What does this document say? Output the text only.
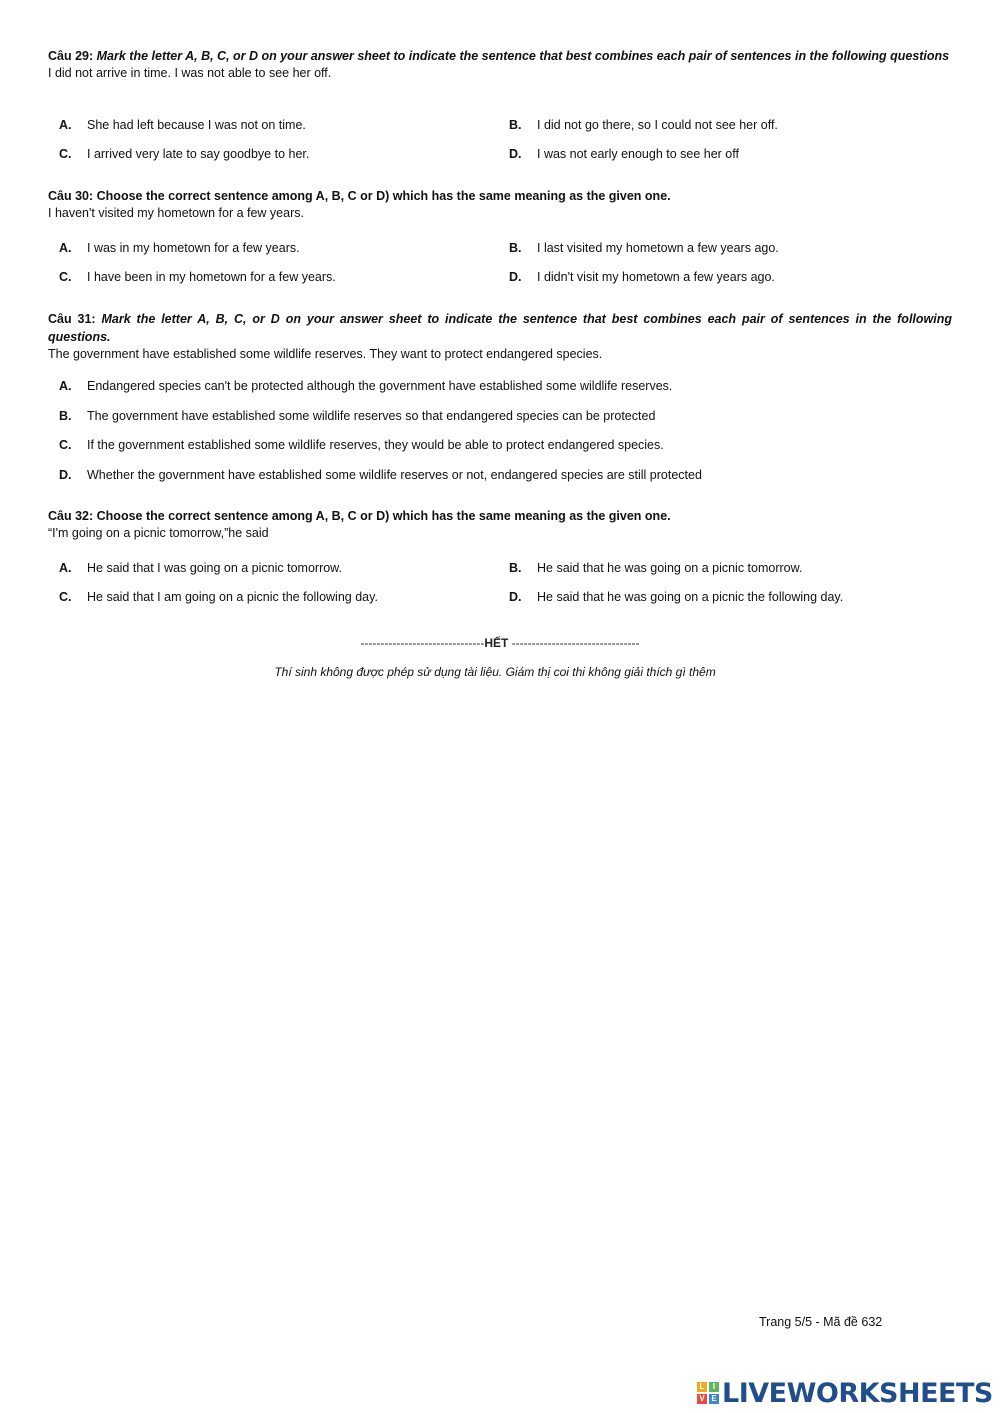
Câu 29: Mark the letter A, B, C, or D on your answer sheet to indicate the sentence that best combines each pair of sentences in the following questions
I did not arrive in time. I was not able to see her off.
A. She had left because I was not on time.	B. I did not go there, so I could not see her off.
C. I arrived very late to say goodbye to her.	D. I was not early enough to see her off
Câu 30: Choose the correct sentence among A, B, C or D) which has the same meaning as the given one.
I haven't visited my hometown for a few years.
A. I was in my hometown for a few years.	B. I last visited my hometown a few years ago.
C. I have been in my hometown for a few years.	D. I didn't visit my hometown a few years ago.
Câu 31: Mark the letter A, B, C, or D on your answer sheet to indicate the sentence that best combines each pair of sentences in the following questions.
The government have established some wildlife reserves. They want to protect endangered species.
A. Endangered species can't be protected although the government have established some wildlife reserves.
B. The government have established some wildlife reserves so that endangered species can be protected
C. If the government established some wildlife reserves, they would be able to protect endangered species.
D. Whether the government have established some wildlife reserves or not, endangered species are still protected
Câu 32: Choose the correct sentence among A, B, C or D) which has the same meaning as the given one.
“I'm going on a picnic tomorrow,”he said
A. He said that I was going on a picnic tomorrow.	B. He said that he was going on a picnic tomorrow.
C. He said that I am going on a picnic the following day.	D. He said that he was going on a picnic the following day.
-------------------------------HẾT --------------------------------
Thí sinh không được phép sử dụng tài liệu. Giám thị coi thi không giải thích gì thêm
Trang 5/5 - Mã đề 632
L	I
V E LIVEWORKSHEETS
